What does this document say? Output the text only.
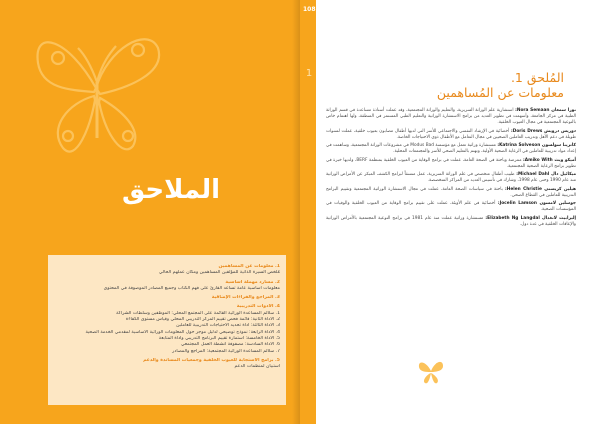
الملاحق
1. معلومات عن المساهمين
مُلخّص السيرة الذاتية للمؤلفين المساهمين ومكان عملهم الحالي
2. مسارد مهملة أساسية
معلومات أساسية عامة تساعد القارئ على فهم الكتاب وجميع المصادر الموصوفة في المحتوى
3. المراجع والقراءات الإضافية
4. الأدوات التدريبية
1. سلالم المساعدة الوراثية القائمة على المجتمع المحلي: الموظفين وسلطات الشراكة
2. الأداة الثانية: قائمة فحص تقييم المركز التدريبي المحلي وقياس مستوى الكفاءة
3. الأداة الثالثة: أداة تحديد الاحتياجات التدريبية للعاملين
4. الأداة الرابعة: نموذج توضيحي لدليل موجز حول المعلومات الوراثية الأساسية لمقدمي الخدمة الصحية
5. الأداة الخامسة: استمارة تقييم البرنامج التدريبي وأداة المتابعة
6. الأداة السادسة: مصفوفة أنشطة العمل المجتمعي
7. سلالم المساعدة الوراثية المجتمعية: المراجع والمصادر
5. برامج الاستجابة للعيوب الخلقية وجمعيات المساندة والدعم
استبيان لمنظمات الدعم
المُلحق 1.
معلومات عن المُساهمين
نورا سمعان Nora Semaan: استشارية علم الوراثة السريرية، والتعليم والوراثة المجتمعية، وقد عملت أستاذة مساعدة في قسم الوراثة الطبية في مركز الجامعة، وأسهمت في تطوير العديد من برامج الاستشارة الوراثية والتعليم الطبي المستمر في المنطقة، ولها اهتمام خاص بالتوعية المجتمعية في مجال العيوب الخلقية.
دوريس درويش Doris Drews: أخصائية في الإرشاد النفسي والاجتماعي للأسر التي لديها أطفال مصابون بعيوب خلقية، عملت لسنوات طويلة في دعم الأهل وتدريب العاملين الصحيين في مجال التعامل مع الأطفال ذوي الاحتياجات الخاصة.
كاترينا سولسون Katrina Solveson: مستشارة وراثية تعمل مع مؤسسة Modus Bad في مشروعات الوراثة المجتمعية، وساهمت في إعداد مواد تدريبية للعاملين في الرعاية الصحية الأولية، وتهتم بالتعليم الصحي للأسر والمجتمعات المحلية.
أميكو ويث Amiko With: ممرضة وباحثة في الصحة العامة، عملت في برامج الوقاية من العيوب الخلقية بمنظمة BERF، ولديها خبرة في تطوير برامج الرعاية الصحية المجتمعية.
ميكائيل دال Michael Dahl: طبيب أطفال متخصص في علم الوراثة السريرية، عمل منسقاً لبرامج الكشف المبكر عن الأمراض الوراثية منذ عام 1990 وحتى عام 1998، وشارك في تأسيس العديد من المراكز المتخصصة.
هيلين كريستي Helen Christie: باحثة في سياسات الصحة العامة، عملت في مجال الاستشارة الوراثية المجتمعية وتقييم البرامج التدريبية للعاملين في القطاع الصحي.
جوسلين لامسون Jocelin Lamson: أخصائية في علم الأوبئة، عملت على تقييم برامج الوقاية من العيوب الخلقية والوفيات في المؤسسات الصحية.
إليزابيث لانغدال Elizabeth Ng Langdal: مستشارة وراثية عملت منذ عام 1981 في برامج التوعية المجتمعية بالأمراض الوراثية والإعاقات الخلقية في عدة دول.
108
1
